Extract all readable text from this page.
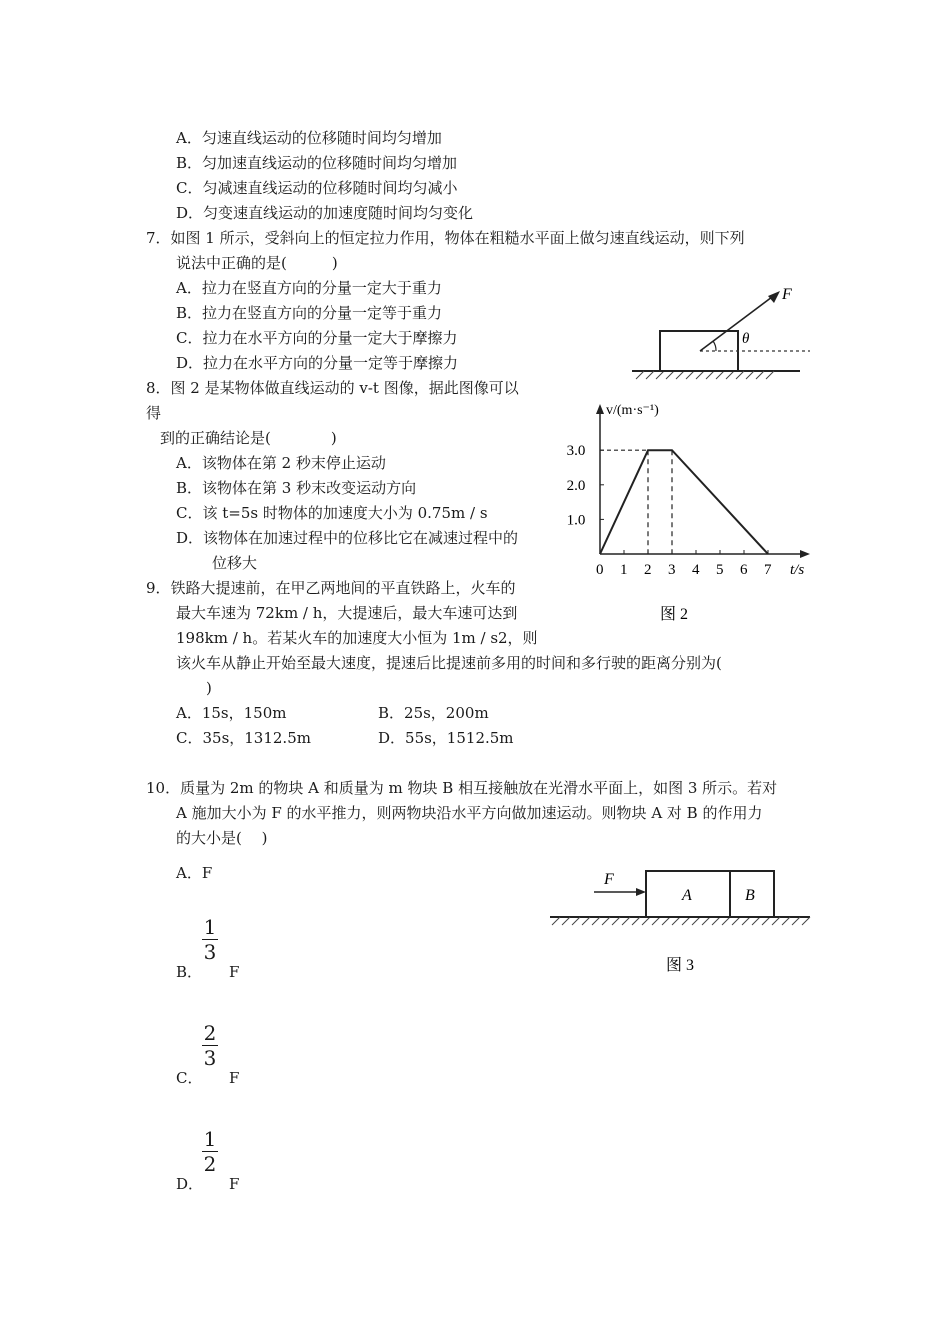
A．匀速直线运动的位移随时间均匀增加
B．匀加速直线运动的位移随时间均匀增加
C．匀减速直线运动的位移随时间均匀减小
D．匀变速直线运动的加速度随时间均匀变化
7．如图 1 所示，受斜向上的恒定拉力作用，物体在粗糙水平面上做匀速直线运动，则下列
说法中正确的是(　　　)
A．拉力在竖直方向的分量一定大于重力
B．拉力在竖直方向的分量一定等于重力
C．拉力在水平方向的分量一定大于摩擦力
D．拉力在水平方向的分量一定等于摩擦力
F
θ
8．图 2 是某物体做直线运动的 v-t 图像，据此图像可以
得
到的正确结论是(　　　　)
A．该物体在第 2 秒末停止运动
B．该物体在第 3 秒末改变运动方向
C．该 t=5s 时物体的加速度大小为 0.75m / s
D．该物体在加速过程中的位移比它在减速过程中的
位移大
v/(m·s⁻¹)
t/s
0 1 2 3 4 5 6 7
1.0
2.0
3.0
图 2
9．铁路大提速前，在甲乙两地间的平直铁路上，火车的
最大车速为 72km / h，大提速后，最大车速可达到
198km / h。若某火车的加速度大小恒为 1m / s2，则
该火车从静止开始至最大速度，提速后比提速前多用的时间和多行驶的距离分别为(
)
A．15s，150m	B．25s，200m
C．35s，1312.5m	D．55s，1512.5m
10．质量为 2m 的物块 A 和质量为 m 物块 B 相互接触放在光滑水平面上，如图 3 所示。若对
A 施加大小为 F 的水平推力，则两物块沿水平方向做加速运动。则物块 A 对 B 的作用力
的大小是(　 )
A．F
B．
1
3
F
C．
2
3
F
D．
1
2
F
F
A	B
图 3
